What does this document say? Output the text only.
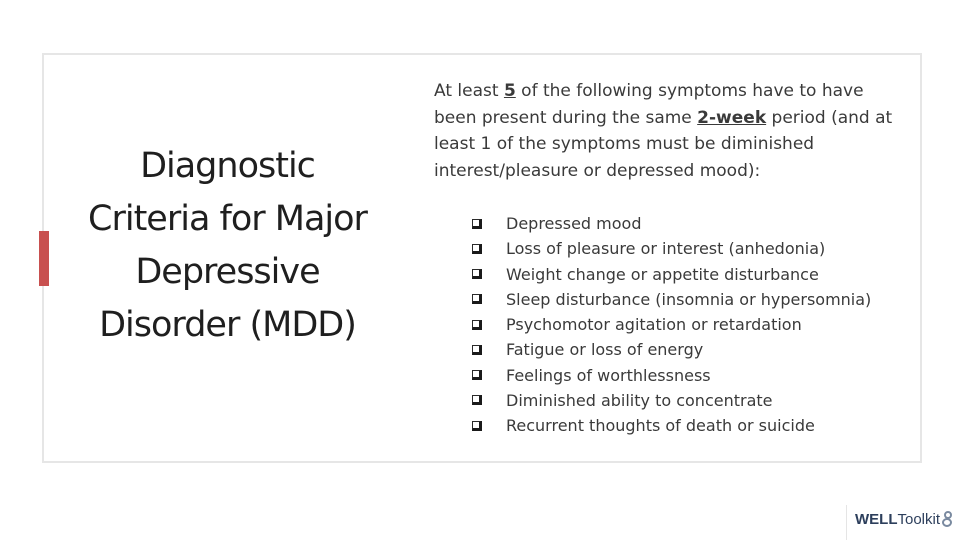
Diagnostic Criteria for Major Depressive Disorder (MDD)
At least 5 of the following symptoms have to have been present during the same 2-week period (and at least 1 of the symptoms must be diminished interest/pleasure or depressed mood):
Depressed mood
Loss of pleasure or interest (anhedonia)
Weight change or appetite disturbance
Sleep disturbance (insomnia or hypersomnia)
Psychomotor agitation or retardation
Fatigue or loss of energy
Feelings of worthlessness
Diminished ability to concentrate
Recurrent thoughts of death or suicide
WELLToolkit
